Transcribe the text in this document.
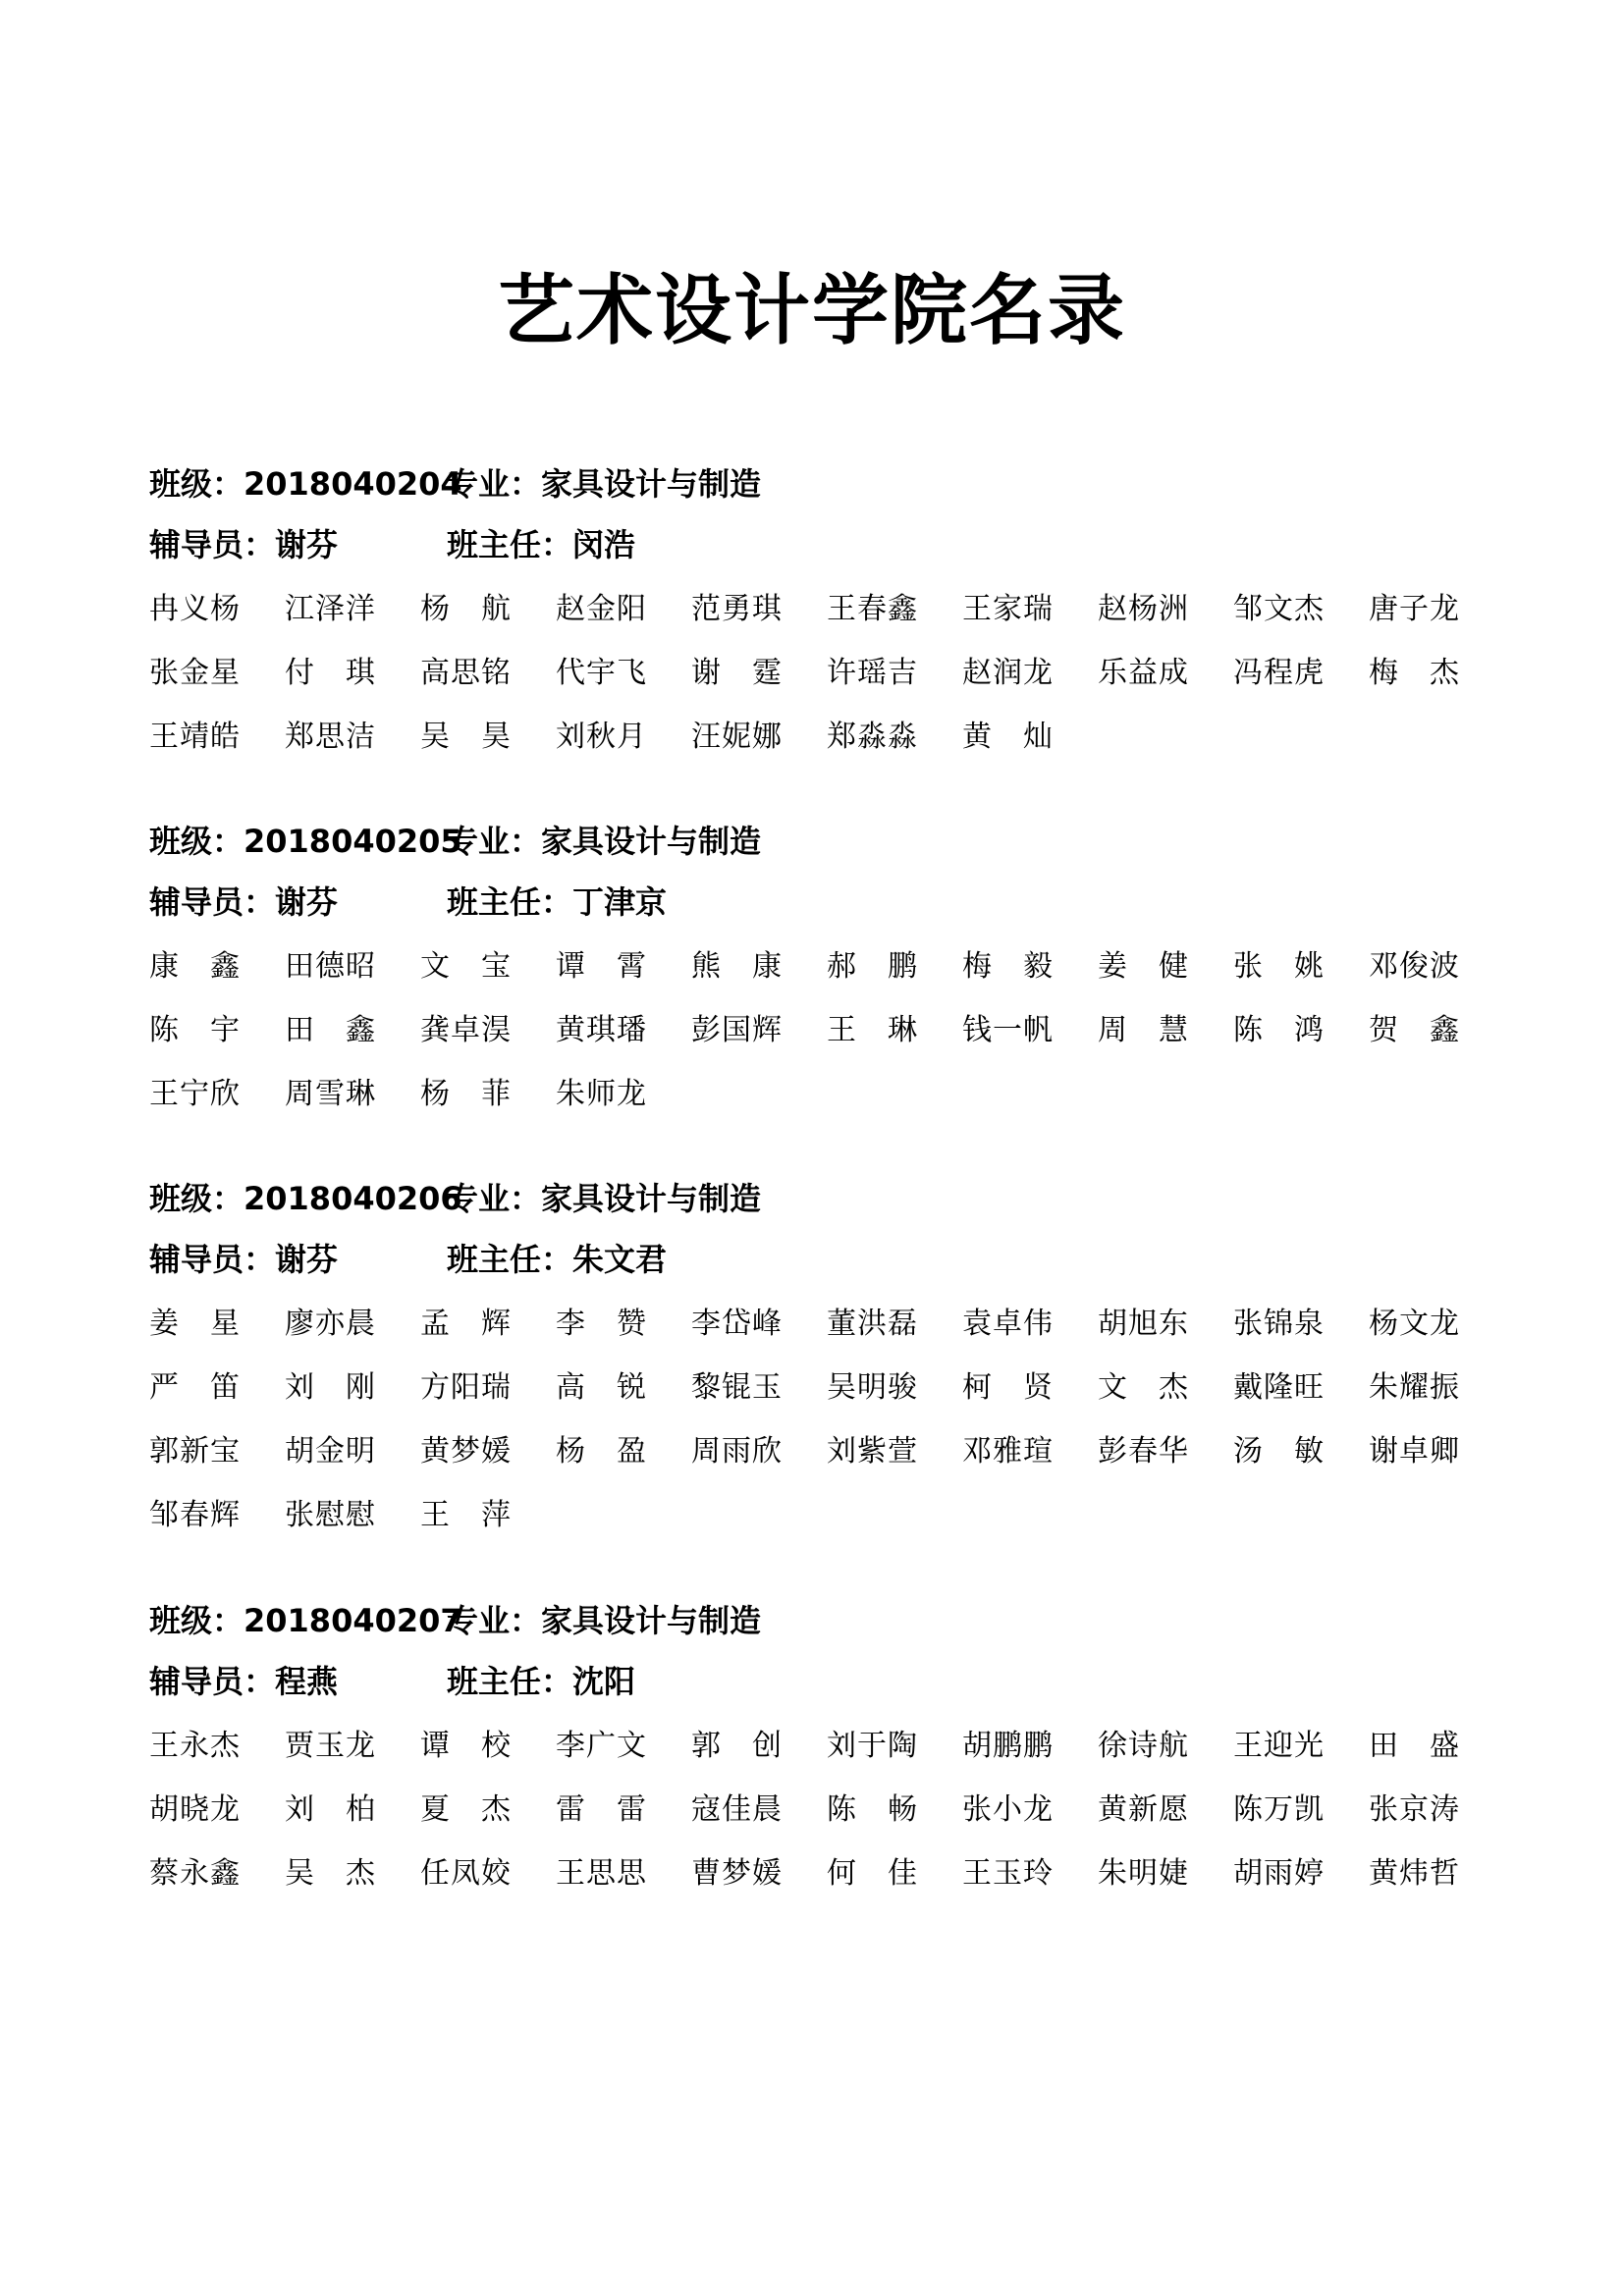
艺术设计学院名录
班级：2018040204专业：家具设计与制造
辅导员：谢芬	班主任：闵浩
冉义杨	江泽洋	杨　航	赵金阳	范勇琪	王春鑫	王家瑞	赵杨洲	邹文杰	唐子龙
张金星	付　琪	高思铭	代宇飞	谢　霆	许瑶吉	赵润龙	乐益成	冯程虎	梅　杰
王靖皓	郑思洁	吴　昊	刘秋月	汪妮娜	郑淼淼	黄　灿
班级：2018040205专业：家具设计与制造
辅导员：谢芬	班主任：丁津京
康　鑫	田德昭	文　宝	谭　霄	熊　康	郝　鹏	梅　毅	姜　健	张　姚	邓俊波
陈　宇	田　鑫	龚卓淏	黄琪璠	彭国辉	王　琳	钱一帆	周　慧	陈　鸿	贺　鑫
王宁欣	周雪琳	杨　菲	朱师龙
班级：2018040206专业：家具设计与制造
辅导员：谢芬	班主任：朱文君
姜　星	廖亦晨	孟　辉	李　赞	李岱峰	董洪磊	袁卓伟	胡旭东	张锦泉	杨文龙
严　笛	刘　刚	方阳瑞	高　锐	黎锟玉	吴明骏	柯　贤	文　杰	戴隆旺	朱耀振
郭新宝	胡金明	黄梦媛	杨　盈	周雨欣	刘紫萱	邓雅瑄	彭春华	汤　敏	谢卓卿
邹春辉	张慰慰	王　萍
班级：2018040207专业：家具设计与制造
辅导员：程燕	班主任：沈阳
王永杰	贾玉龙	谭　校	李广文	郭　创	刘于陶	胡鹏鹏	徐诗航	王迎光	田　盛
胡晓龙	刘　柏	夏　杰	雷　雷	寇佳晨	陈　畅	张小龙	黄新愿	陈万凯	张京涛
蔡永鑫	吴　杰	任凤姣	王思思	曹梦媛	何　佳	王玉玲	朱明婕	胡雨婷	黄炜哲
